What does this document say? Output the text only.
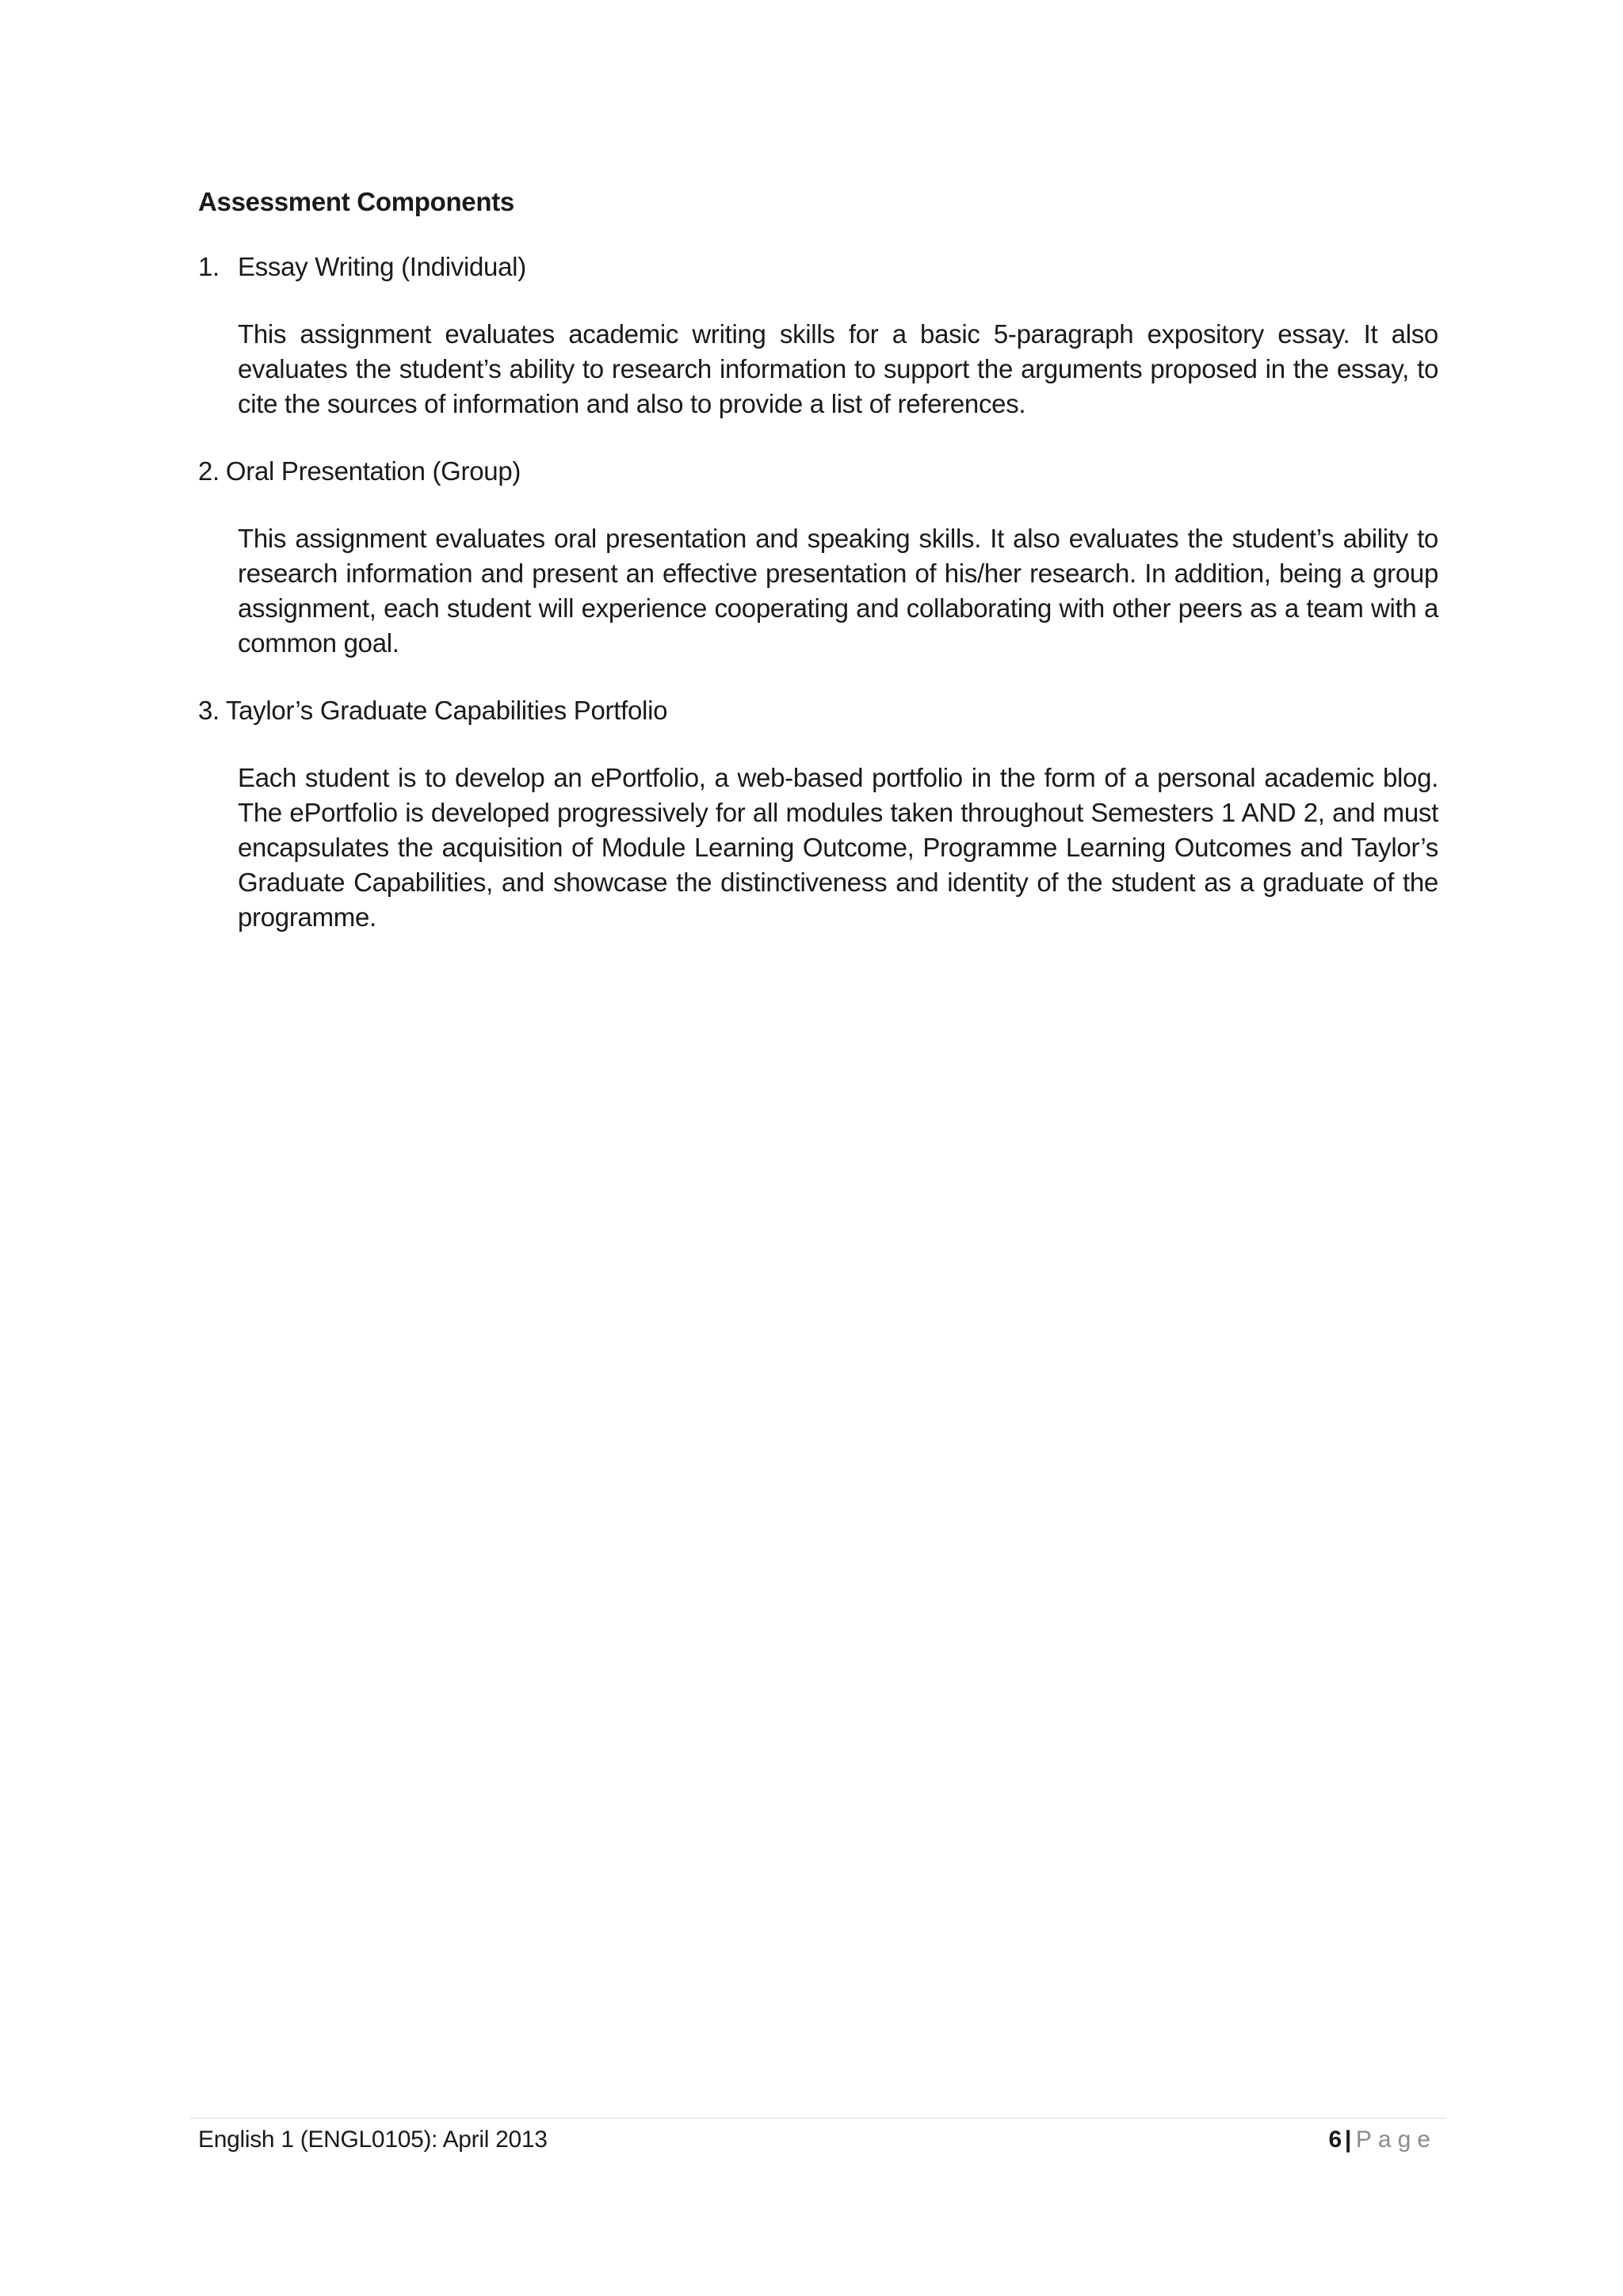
Assessment Components
1. Essay Writing (Individual)
This assignment evaluates academic writing skills for a basic 5-paragraph expository essay. It also evaluates the student’s ability to research information to support the arguments proposed in the essay, to cite the sources of information and also to provide a list of references.
2. Oral Presentation (Group)
This assignment evaluates oral presentation and speaking skills. It also evaluates the student’s ability to research information and present an effective presentation of his/her research. In addition, being a group assignment, each student will experience cooperating and collaborating with other peers as a team with a common goal.
3. Taylor’s Graduate Capabilities Portfolio
Each student is to develop an ePortfolio, a web-based portfolio in the form of a personal academic blog. The ePortfolio is developed progressively for all modules taken throughout Semesters 1 AND 2, and must encapsulates the acquisition of Module Learning Outcome, Programme Learning Outcomes and Taylor’s Graduate Capabilities, and showcase the distinctiveness and identity of the student as a graduate of the programme.
English 1 (ENGL0105): April 2013	6 | Page
